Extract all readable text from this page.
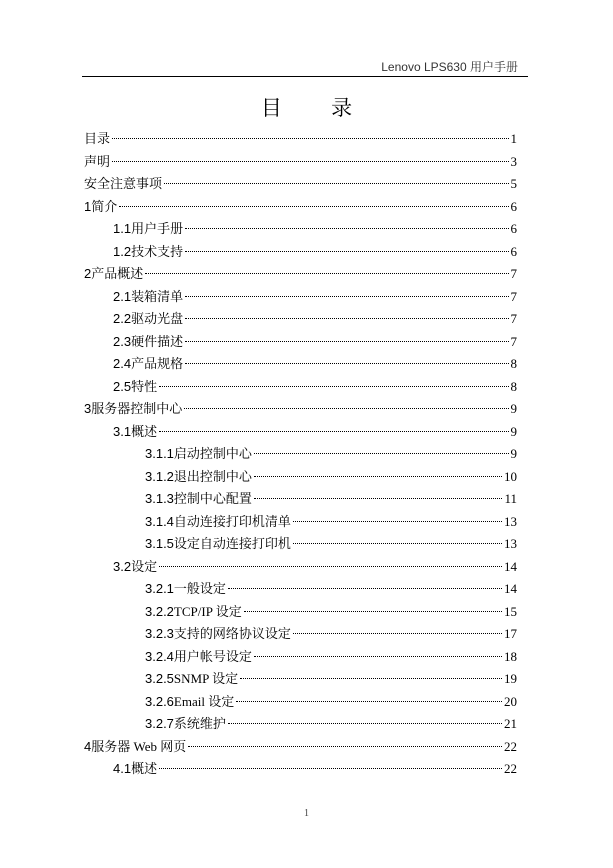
Lenovo LPS630 用户手册
目 录
目录	1
声明	3
安全注意事项	5
1 简介	6
1.1 用户手册	6
1.2 技术支持	6
2 产品概述	7
2.1 装箱清单	7
2.2 驱动光盘	7
2.3 硬件描述	7
2.4 产品规格	8
2.5 特性	8
3 服务器控制中心	9
3.1 概述	9
3.1.1 启动控制中心	9
3.1.2 退出控制中心	10
3.1.3 控制中心配置	11
3.1.4 自动连接打印机清单	13
3.1.5 设定自动连接打印机	13
3.2 设定	14
3.2.1 一般设定	14
3.2.2 TCP/IP 设定	15
3.2.3 支持的网络协议设定	17
3.2.4 用户帐号设定	18
3.2.5 SNMP 设定	19
3.2.6 Email 设定	20
3.2.7 系统维护	21
4 服务器 Web 网页	22
4.1 概述	22
1
